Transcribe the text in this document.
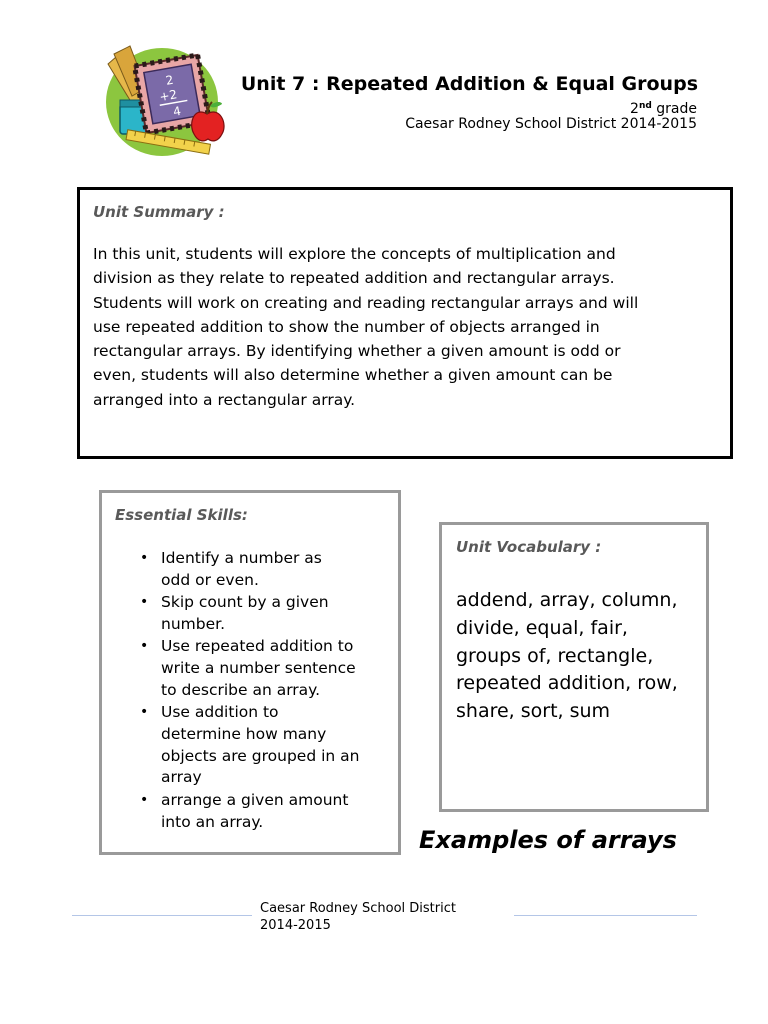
2
+2
4
Unit 7 : Repeated Addition & Equal Groups
2nd grade
Caesar Rodney School District 2014-2015
Unit Summary :
In this unit, students will explore the concepts of multiplication and
division as they relate to repeated addition and rectangular arrays.
Students will work on creating and reading rectangular arrays and will
use repeated addition to show the number of objects arranged in
rectangular arrays. By identifying whether a given amount is odd or
even, students will also determine whether a given amount can be
arranged into a rectangular array.
Essential Skills:
• Identify a number as
odd or even.
• Skip count by a given
number.
• Use repeated addition to
write a number sentence
to describe an array.
• Use addition to
determine how many
objects are grouped in an
array
• arrange a given amount
into an array.
Unit Vocabulary :
addend, array, column,
divide, equal, fair,
groups of, rectangle,
repeated addition, row,
share, sort, sum
Examples of arrays
Caesar Rodney School District
2014-2015
